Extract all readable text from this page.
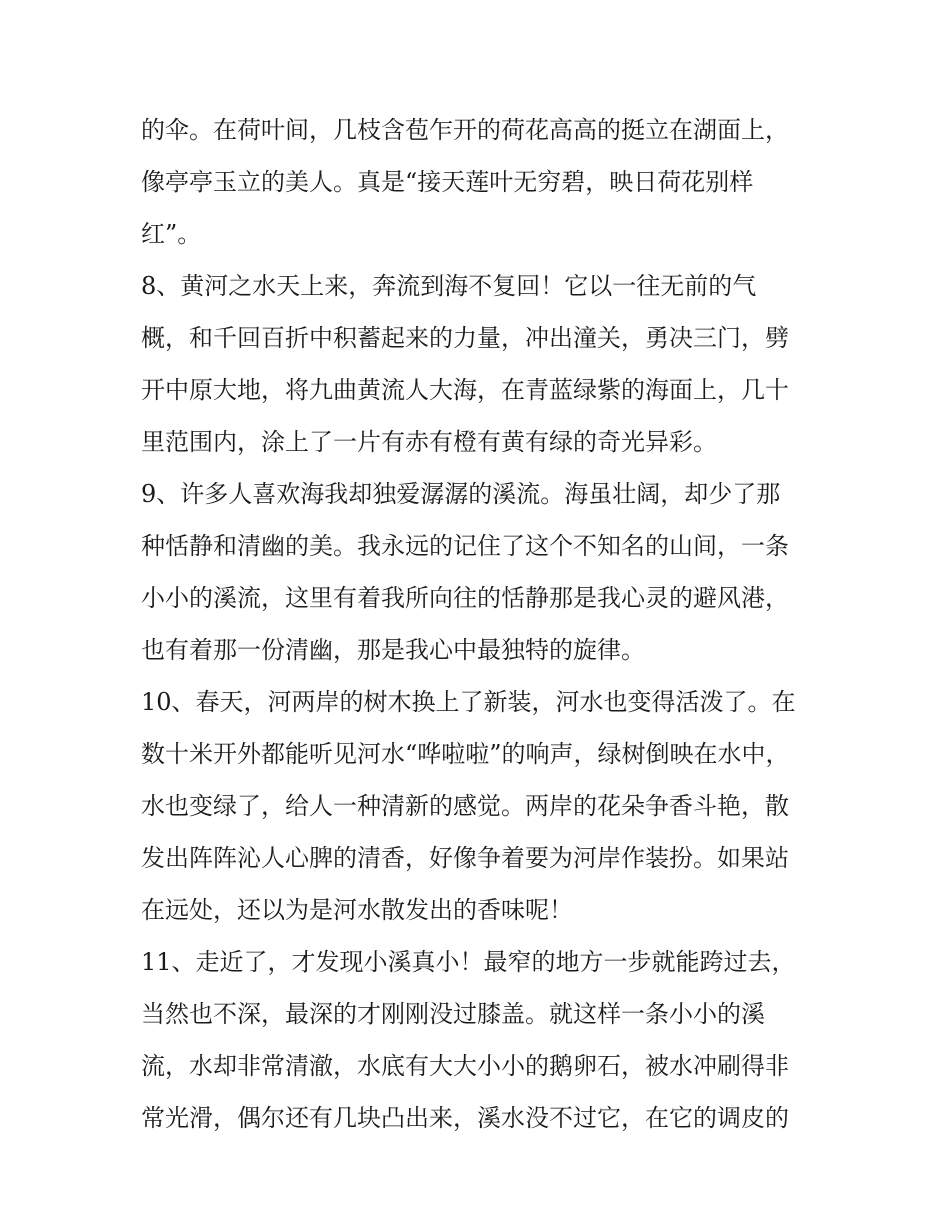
的伞。在荷叶间，几枝含苞乍开的荷花高高的挺立在湖面上，
像亭亭玉立的美人。真是“接天莲叶无穷碧，映日荷花别样
红”。
8、黄河之水天上来，奔流到海不复回！它以一往无前的气
概，和千回百折中积蓄起来的力量，冲出潼关，勇决三门，劈
开中原大地，将九曲黄流人大海，在青蓝绿紫的海面上，几十
里范围内，涂上了一片有赤有橙有黄有绿的奇光异彩。
9、许多人喜欢海我却独爱潺潺的溪流。海虽壮阔，却少了那
种恬静和清幽的美。我永远的记住了这个不知名的山间，一条
小小的溪流，这里有着我所向往的恬静那是我心灵的避风港，
也有着那一份清幽，那是我心中最独特的旋律。
10、春天，河两岸的树木换上了新装，河水也变得活泼了。在
数十米开外都能听见河水“哗啦啦”的响声，绿树倒映在水中，
水也变绿了，给人一种清新的感觉。两岸的花朵争香斗艳，散
发出阵阵沁人心脾的清香，好像争着要为河岸作装扮。如果站
在远处，还以为是河水散发出的香味呢！
11、走近了，才发现小溪真小！最窄的地方一步就能跨过去，
当然也不深，最深的才刚刚没过膝盖。就这样一条小小的溪
流，水却非常清澈，水底有大大小小的鹅卵石，被水冲刷得非
常光滑，偶尔还有几块凸出来，溪水没不过它，在它的调皮的
